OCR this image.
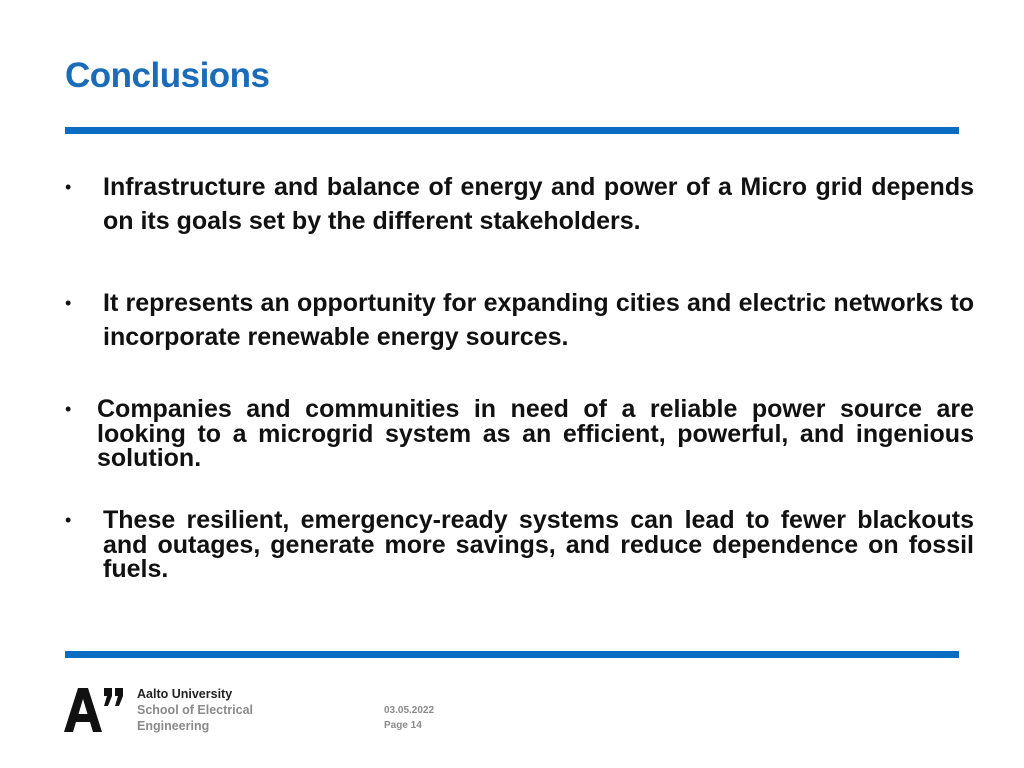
Conclusions
• Infrastructure and balance of energy and power of a Micro grid depends on its goals set by the different stakeholders.
• It represents an opportunity for expanding cities and electric networks to incorporate renewable energy sources.
• Companies and communities in need of a reliable power source are looking to a microgrid system as an efficient, powerful, and ingenious solution.
• These resilient, emergency-ready systems can lead to fewer blackouts and outages, generate more savings, and reduce dependence on fossil fuels.
Aalto University
School of Electrical
Engineering
03.05.2022
Page 14
